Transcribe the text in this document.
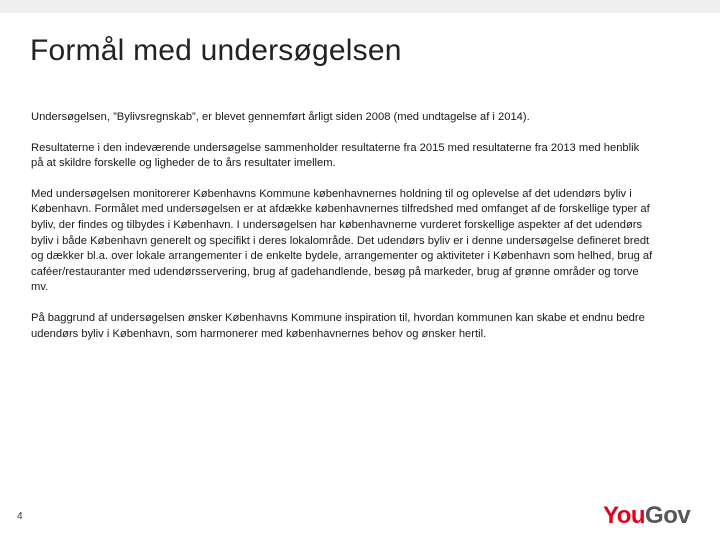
Formål med undersøgelsen

Undersøgelsen, ”Bylivsregnskab”, er blevet gennemført årligt siden 2008 (med undtagelse af i 2014).

Resultaterne i den indeværende undersøgelse sammenholder resultaterne fra 2015 med resultaterne fra 2013 med henblik på at skildre forskelle og ligheder de to års resultater imellem.

Med undersøgelsen monitorerer Københavns Kommune københavnernes holdning til og oplevelse af det udendørs byliv i København. Formålet med undersøgelsen er at afdække københavnernes tilfredshed med omfanget af de forskellige typer af byliv, der findes og tilbydes i København. I undersøgelsen har københavnerne vurderet forskellige aspekter af det udendørs byliv i både København generelt og specifikt i deres lokalområde. Det udendørs byliv er i denne undersøgelse defineret bredt og dækker bl.a. over lokale arrangementer i de enkelte bydele, arrangementer og aktiviteter i København som helhed, brug af caféer/restauranter med udendørsservering, brug af gadehandlende, besøg på markeder, brug af grønne områder og torve mv.

På baggrund af undersøgelsen ønsker Københavns Kommune inspiration til, hvordan kommunen kan skabe et endnu bedre udendørs byliv i København, som harmonerer med københavnernes behov og ønsker hertil.

4	YouGov
